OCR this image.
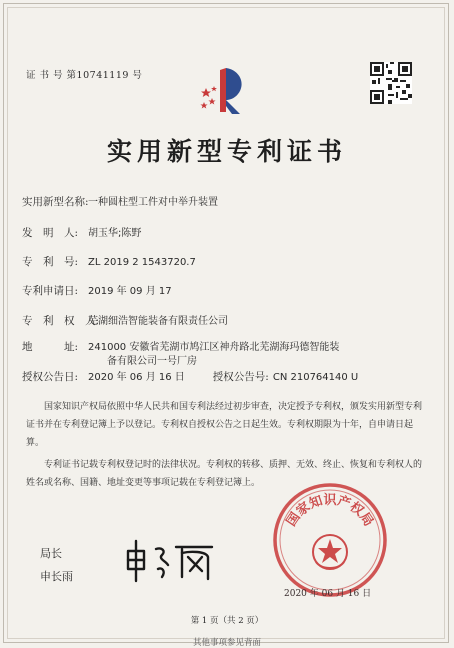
证 书 号 第10741119 号
实用新型专利证书
实用新型名称:一种圆柱型工件对中举升装置
发　明　人: 胡玉华;陈野
专　利　号: ZL 2019 2 1543720.7
专利申请日: 2019 年 09 月 17
专　利　权　人:芜湖细浩智能装备有限责任公司
地　　　址: 241000 安徽省芜湖市鸠江区神舟路北芜湖海玛德智能装
备有限公司一号厂房
授权公告日: 2020 年 06 月 16 日	授权公告号: CN 210764140 U
国家知识产权局依照中华人民共和国专利法经过初步审查，决定授予专利权，颁发实用新型专利证书并在专利登记簿上予以登记。专利权自授权公告之日起生效。专利权期限为十年，自申请日起算。
专利证书记载专利权登记时的法律状况。专利权的转移、质押、无效、终止、恢复和专利权人的姓名或名称、国籍、地址变更等事项记载在专利登记簿上。
局长
申长雨
国家知识产权局
2020 年 06 月 16 日
第 1 页（共 2 页）
其他事项参见背面
